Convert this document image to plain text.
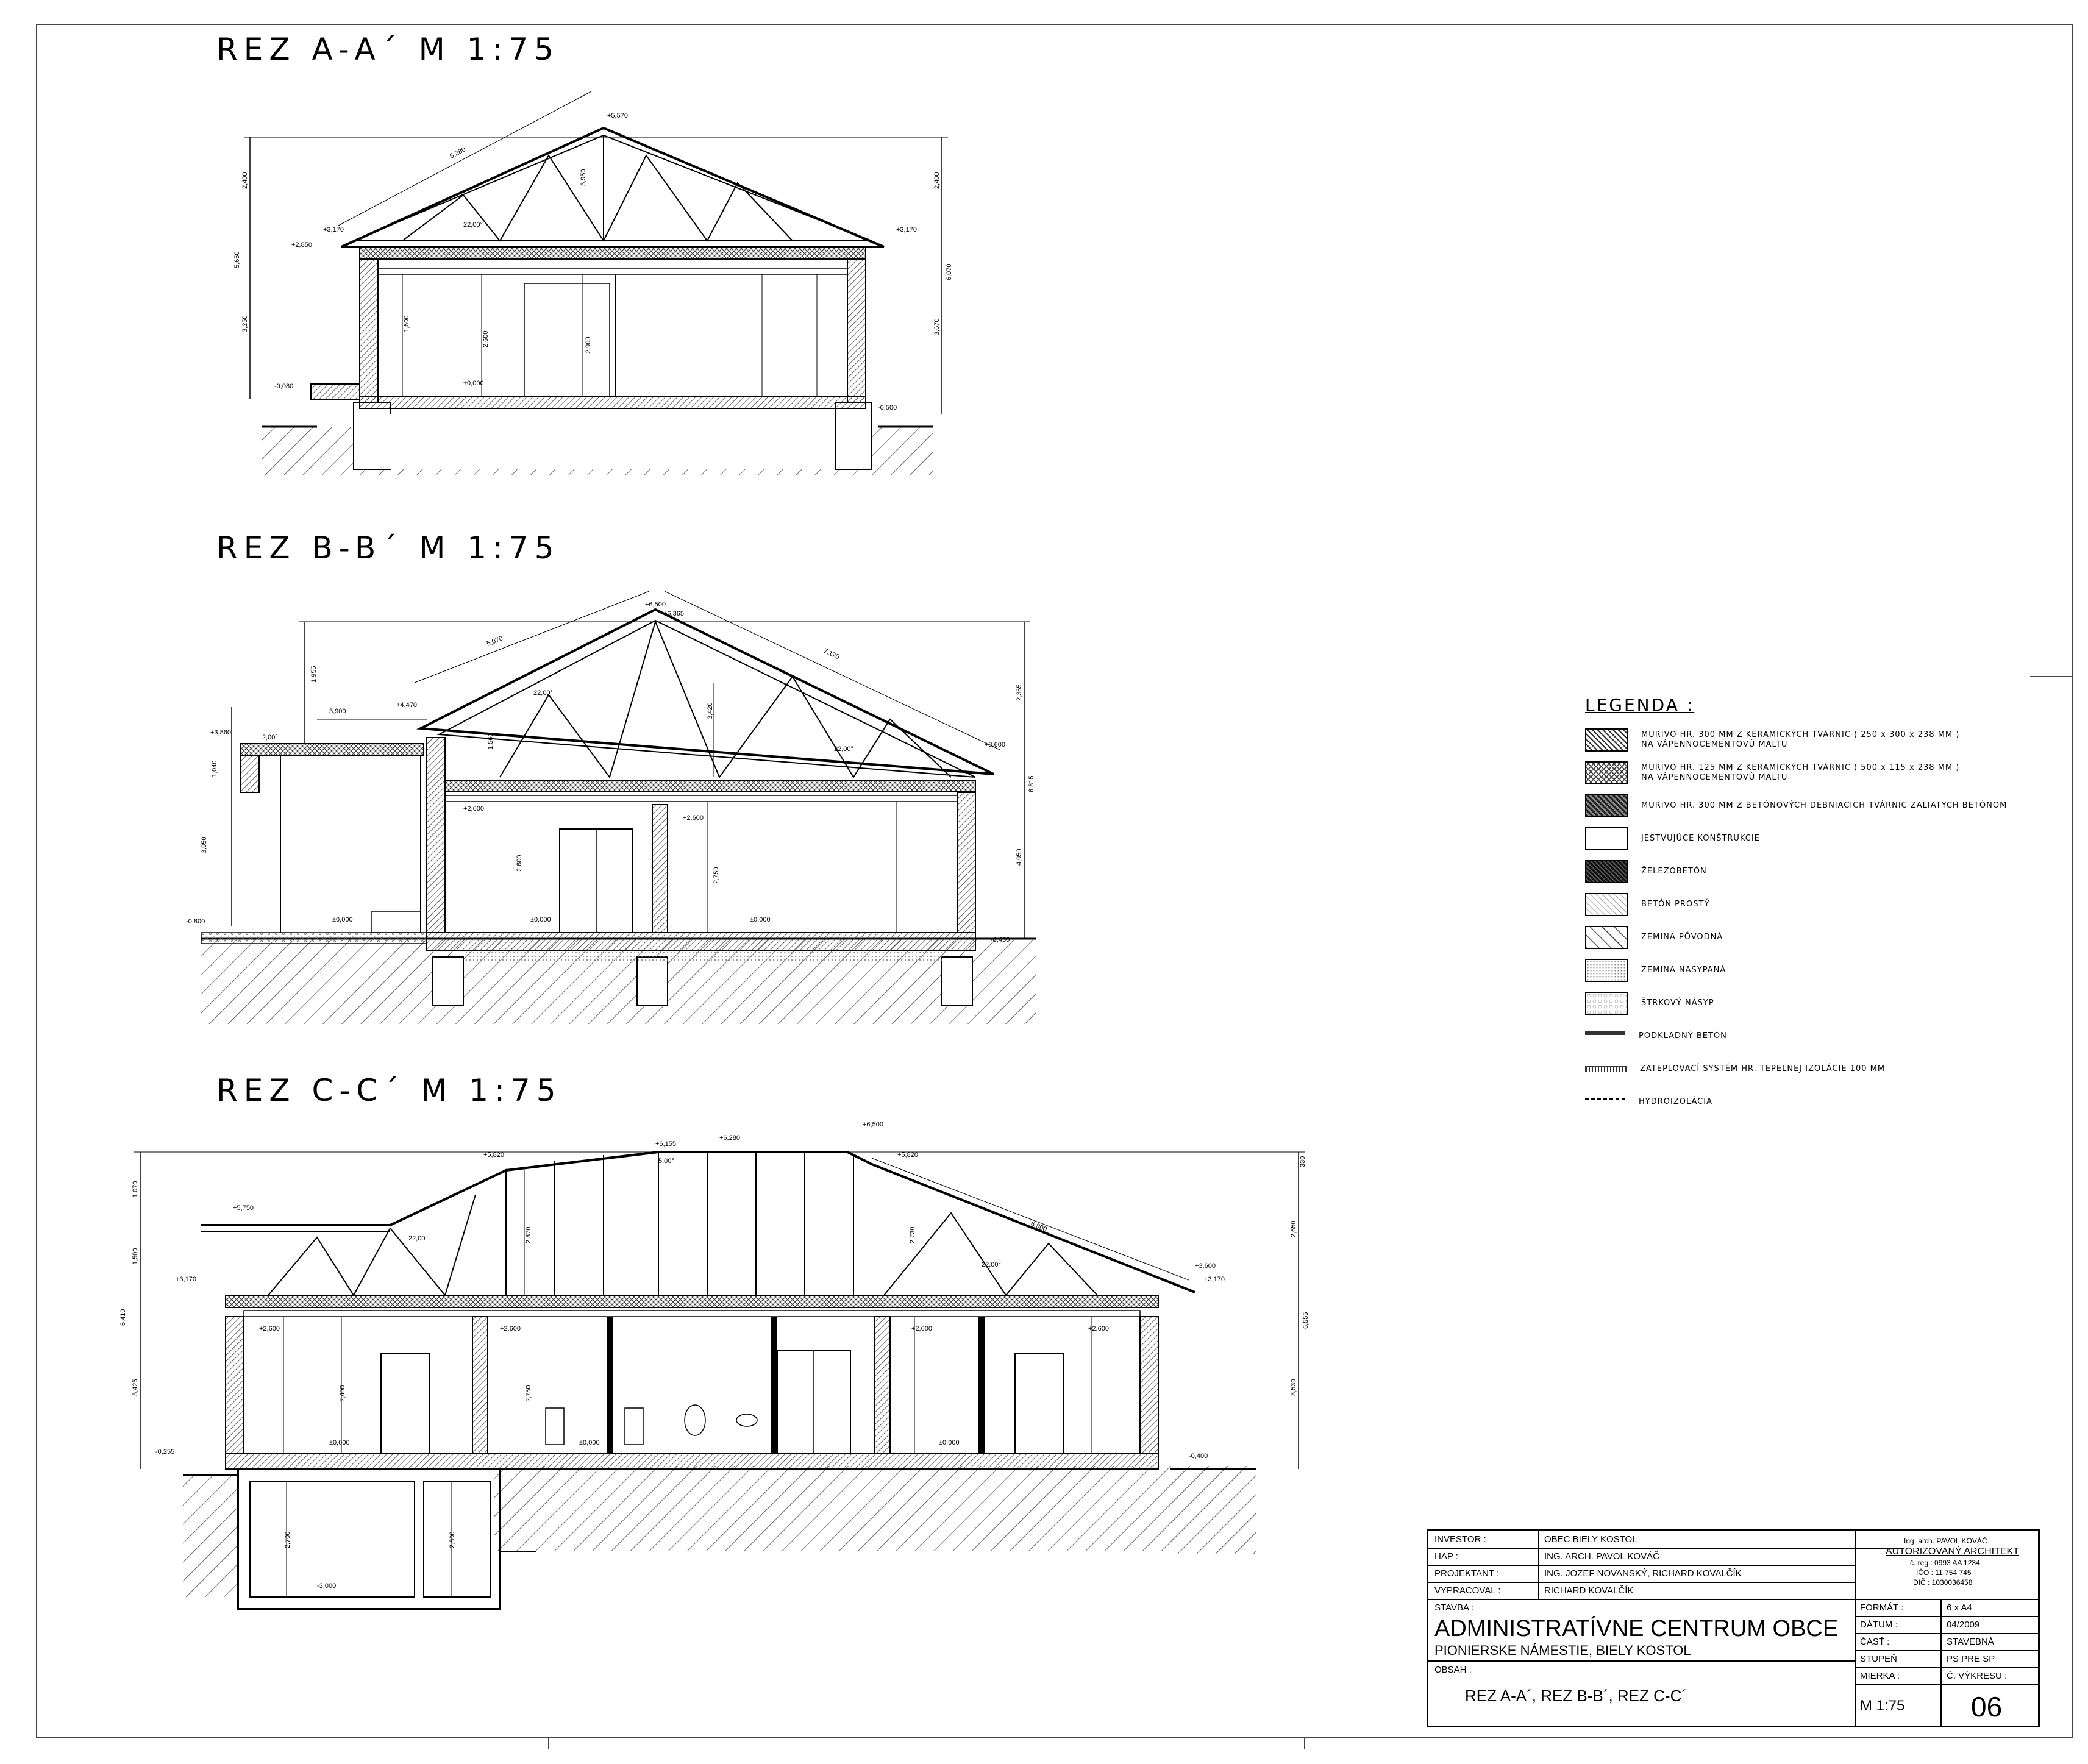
6,280
+5,570
+3,170	+3,170
+2,850
±0,000
-0,080
-0,500
22,00°
2,400
5,650
3,250
2,900
2,400
6,070
3,670
2,600
1,500
3,950
5,070
7,170
+6,500
+6,365
+3,860
+4,470
3,900
+3,600
±0,000	±0,000	±0,000
+2,600
+2,600
-0,800
-0,450
22,00°
22,00°
2,00°
1,955
2,365
3,950
6,815
4,050
2,750
2,600
1,560
3,420
1,040
+6,155
+6,280
+6,500
+5,820	+5,820
+5,750
+3,170	+3,170
+3,600
±0,000	±0,000	±0,000
+2,600	+2,600	+2,600	+2,600
-3,000
-0,255
-0,400
22,00°
22,00°
5,00°
6,800
1,070
1,500
6,410
3,425
2,650
6,555
3,530
2,750
2,400
2,600
2,700
2,870	2,730
330
REZ A-A´ M 1:75
REZ B-B´ M 1:75
REZ C-C´ M 1:75
LEGENDA :
MURIVO HR. 300 MM Z KERAMICKÝCH TVÁRNIC ( 250 x 300 x 238 MM )
NA VÁPENNOCEMENTOVÚ MALTU
MURIVO HR. 125 MM Z KERAMICKÝCH TVÁRNIC ( 500 x 115 x 238 MM )
NA VÁPENNOCEMENTOVÚ MALTU
MURIVO HR. 300 MM Z BETÓNOVÝCH DEBNIACICH TVÁRNIC ZALIATYCH BETÓNOM
JESTVUJÚCE KONŠTRUKCIE
ŽELEZOBETÓN
BETÓN PROSTÝ
ZEMINA PÔVODNÁ
ZEMINA NASYPANÁ
ŠTRKOVÝ NÁSYP
PODKLADNÝ BETÓN
ZATEPLOVACÍ SYSTÉM HR. TEPELNEJ IZOLÁCIE 100 MM
HYDROIZOLÁCIA
INVESTOR :	OBEC BIELY KOSTOL
HAP :	ING. ARCH. PAVOL KOVÁČ
PROJEKTANT :	ING. JOZEF NOVANSKÝ, RICHARD KOVALČÍK
VYPRACOVAL :	RICHARD KOVALČÍK
STAVBA :
ADMINISTRATÍVNE CENTRUM OBCE
PIONIERSKE NÁMESTIE, BIELY KOSTOL
OBSAH :
REZ A-A´, REZ B-B´, REZ C-C´
Ing. arch. PAVOL KOVÁČ
AUTORIZOVANÝ ARCHITEKT
č. reg.: 0993 AA 1234
IČO : 11 754 745
DIČ : 1030036458
FORMÁT :	6 x A4
DÁTUM :	04/2009
ČASŤ :	STAVEBNÁ
STUPEŇ	PS PRE SP
MIERKA :	Č. VÝKRESU :
M 1:75 06
